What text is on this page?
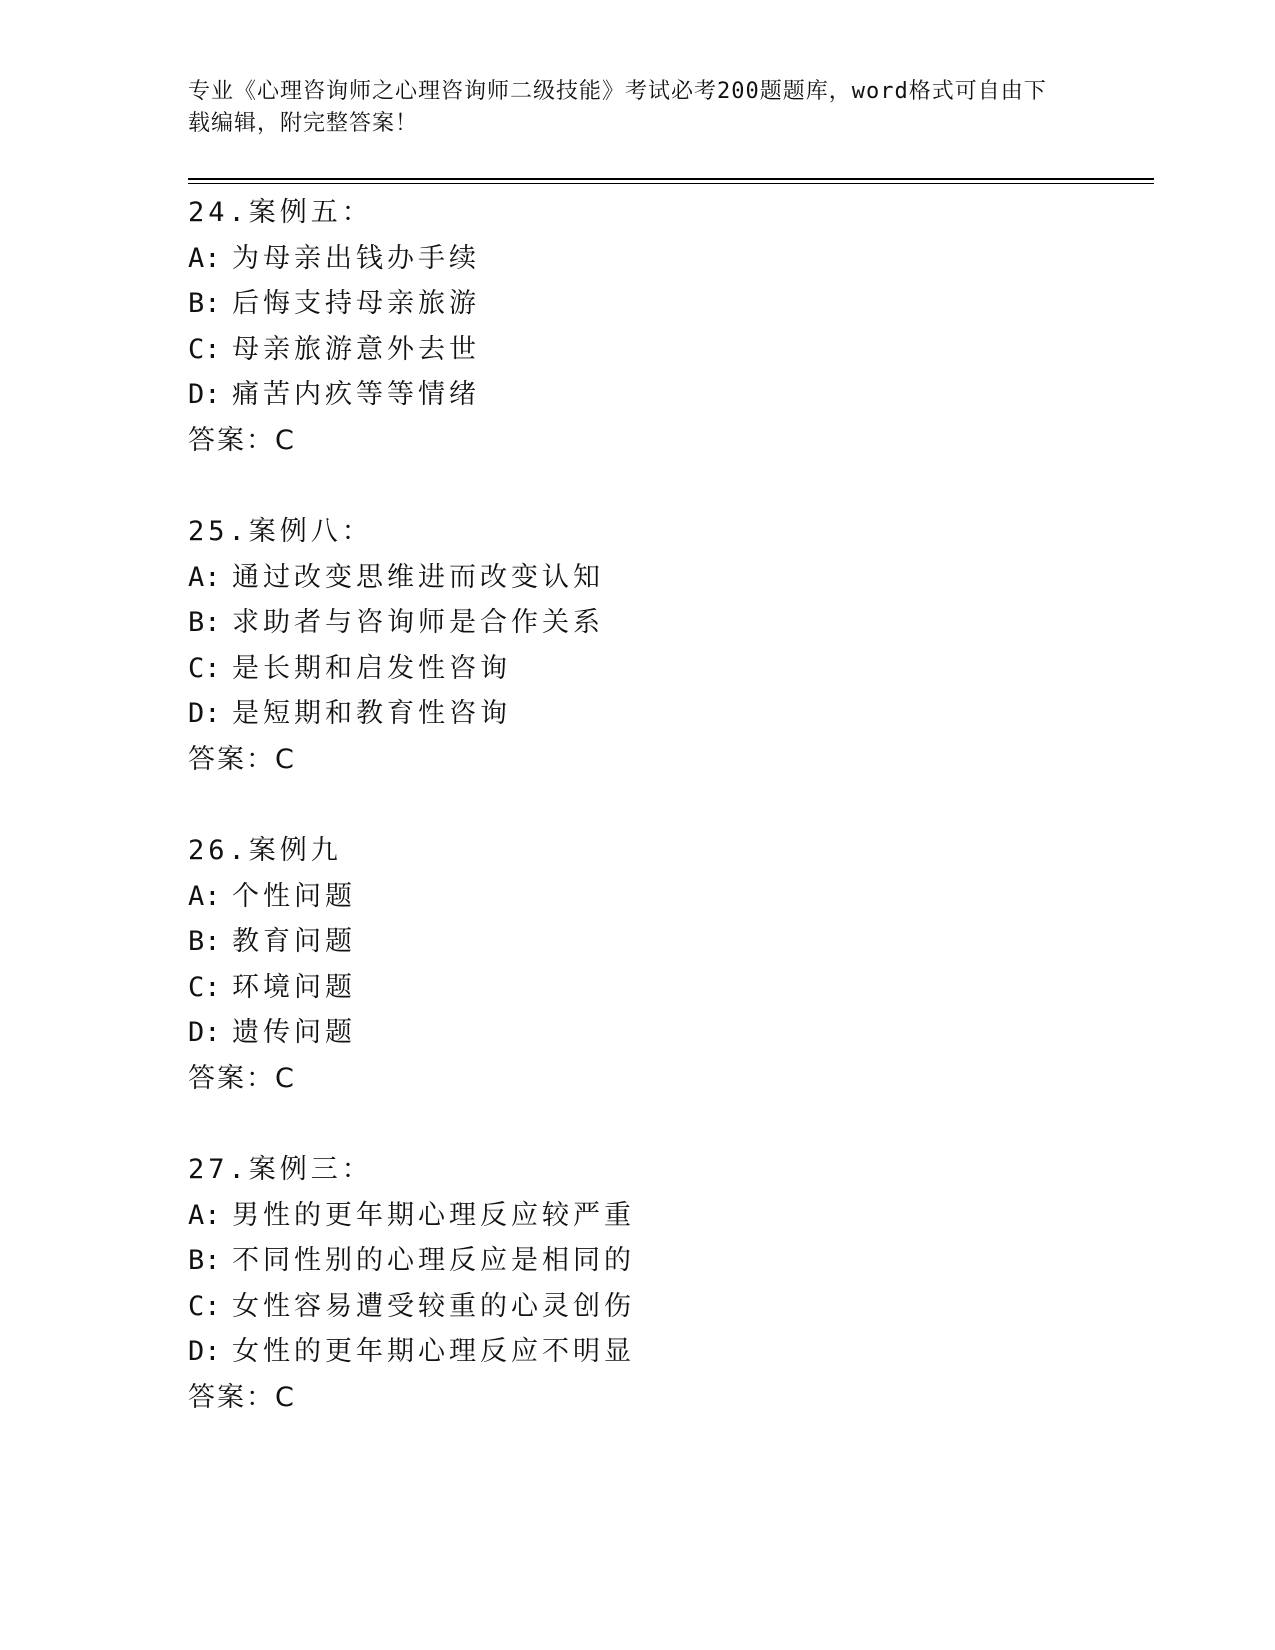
专业《心理咨询师之心理咨询师二级技能》考试必考200题题库，word格式可自由下载编辑，附完整答案！
24.案例五：
A: 为母亲出钱办手续
B: 后悔支持母亲旅游
C: 母亲旅游意外去世
D: 痛苦内疚等等情绪
答案：C
25.案例八：
A: 通过改变思维进而改变认知
B: 求助者与咨询师是合作关系
C: 是长期和启发性咨询
D: 是短期和教育性咨询
答案：C
26.案例九
A: 个性问题
B: 教育问题
C: 环境问题
D: 遗传问题
答案：C
27.案例三：
A: 男性的更年期心理反应较严重
B: 不同性别的心理反应是相同的
C: 女性容易遭受较重的心灵创伤
D: 女性的更年期心理反应不明显
答案：C
